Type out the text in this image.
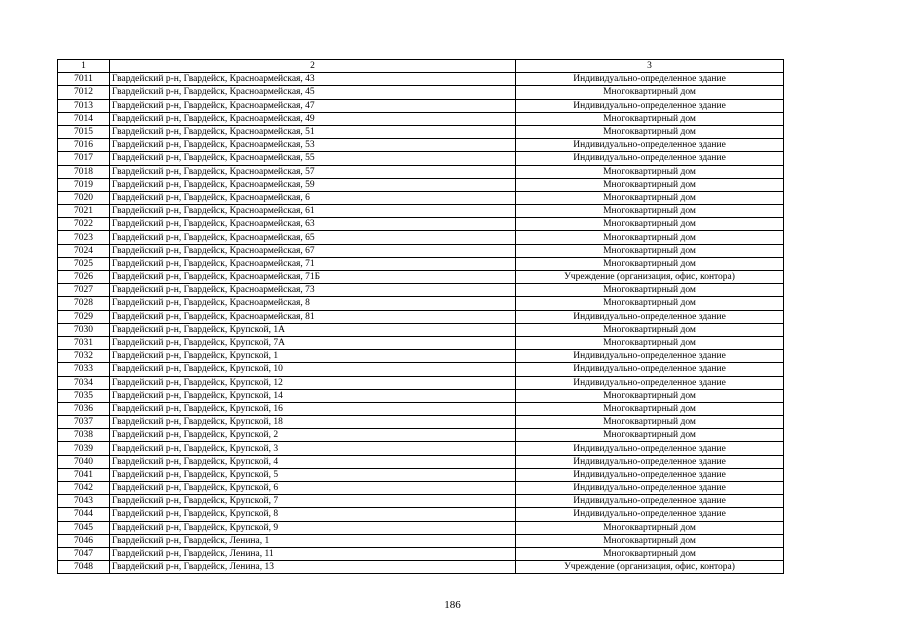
1	2	3
7011	Гвардейский р-н, Гвардейск, Красноармейская, 43	Индивидуально-определенное здание
7012	Гвардейский р-н, Гвардейск, Красноармейская, 45	Многоквартирный дом
7013	Гвардейский р-н, Гвардейск, Красноармейская, 47	Индивидуально-определенное здание
7014	Гвардейский р-н, Гвардейск, Красноармейская, 49	Многоквартирный дом
7015	Гвардейский р-н, Гвардейск, Красноармейская, 51	Многоквартирный дом
7016	Гвардейский р-н, Гвардейск, Красноармейская, 53	Индивидуально-определенное здание
7017	Гвардейский р-н, Гвардейск, Красноармейская, 55	Индивидуально-определенное здание
7018	Гвардейский р-н, Гвардейск, Красноармейская, 57	Многоквартирный дом
7019	Гвардейский р-н, Гвардейск, Красноармейская, 59	Многоквартирный дом
7020	Гвардейский р-н, Гвардейск, Красноармейская, 6	Многоквартирный дом
7021	Гвардейский р-н, Гвардейск, Красноармейская, 61	Многоквартирный дом
7022	Гвардейский р-н, Гвардейск, Красноармейская, 63	Многоквартирный дом
7023	Гвардейский р-н, Гвардейск, Красноармейская, 65	Многоквартирный дом
7024	Гвардейский р-н, Гвардейск, Красноармейская, 67	Многоквартирный дом
7025	Гвардейский р-н, Гвардейск, Красноармейская, 71	Многоквартирный дом
7026	Гвардейский р-н, Гвардейск, Красноармейская, 71Б	Учреждение (организация, офис, контора)
7027	Гвардейский р-н, Гвардейск, Красноармейская, 73	Многоквартирный дом
7028	Гвардейский р-н, Гвардейск, Красноармейская, 8	Многоквартирный дом
7029	Гвардейский р-н, Гвардейск, Красноармейская, 81	Индивидуально-определенное здание
7030	Гвардейский р-н, Гвардейск, Крупской, 1А	Многоквартирный дом
7031	Гвардейский р-н, Гвардейск, Крупской, 7А	Многоквартирный дом
7032	Гвардейский р-н, Гвардейск, Крупской, 1	Индивидуально-определенное здание
7033	Гвардейский р-н, Гвардейск, Крупской, 10	Индивидуально-определенное здание
7034	Гвардейский р-н, Гвардейск, Крупской, 12	Индивидуально-определенное здание
7035	Гвардейский р-н, Гвардейск, Крупской, 14	Многоквартирный дом
7036	Гвардейский р-н, Гвардейск, Крупской, 16	Многоквартирный дом
7037	Гвардейский р-н, Гвардейск, Крупской, 18	Многоквартирный дом
7038	Гвардейский р-н, Гвардейск, Крупской, 2	Многоквартирный дом
7039	Гвардейский р-н, Гвардейск, Крупской, 3	Индивидуально-определенное здание
7040	Гвардейский р-н, Гвардейск, Крупской, 4	Индивидуально-определенное здание
7041	Гвардейский р-н, Гвардейск, Крупской, 5	Индивидуально-определенное здание
7042	Гвардейский р-н, Гвардейск, Крупской, 6	Индивидуально-определенное здание
7043	Гвардейский р-н, Гвардейск, Крупской, 7	Индивидуально-определенное здание
7044	Гвардейский р-н, Гвардейск, Крупской, 8	Индивидуально-определенное здание
7045	Гвардейский р-н, Гвардейск, Крупской, 9	Многоквартирный дом
7046	Гвардейский р-н, Гвардейск, Ленина, 1	Многоквартирный дом
7047	Гвардейский р-н, Гвардейск, Ленина, 11	Многоквартирный дом
7048	Гвардейский р-н, Гвардейск, Ленина, 13	Учреждение (организация, офис, контора)
186
